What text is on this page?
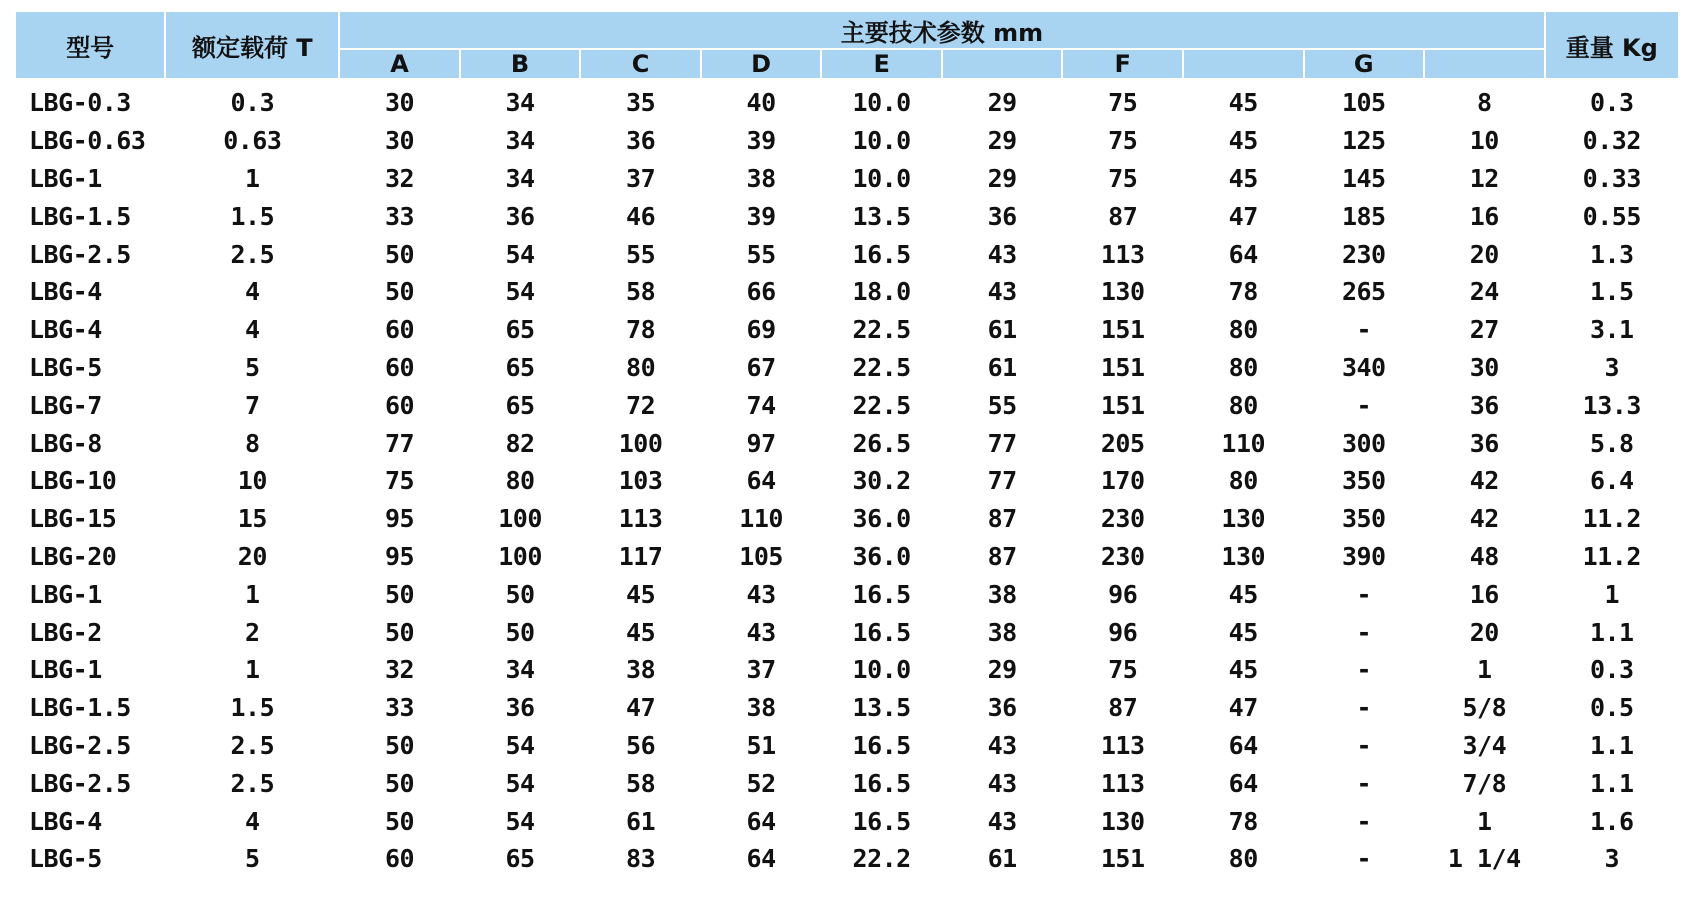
型号	额定载荷 T	主要技术参数 mm										重量 Kg
		A	B	C	D	E		F		G		

LBG-0.3	0.3	30	34	35	40	10.0	29	75	45	105	8	0.3
LBG-0.63	0.63	30	34	36	39	10.0	29	75	45	125	10	0.32
LBG-1	1	32	34	37	38	10.0	29	75	45	145	12	0.33
LBG-1.5	1.5	33	36	46	39	13.5	36	87	47	185	16	0.55
LBG-2.5	2.5	50	54	55	55	16.5	43	113	64	230	20	1.3
LBG-4	4	50	54	58	66	18.0	43	130	78	265	24	1.5
LBG-4	4	60	65	78	69	22.5	61	151	80	-	27	3.1
LBG-5	5	60	65	80	67	22.5	61	151	80	340	30	3
LBG-7	7	60	65	72	74	22.5	55	151	80	-	36	13.3
LBG-8	8	77	82	100	97	26.5	77	205	110	300	36	5.8
LBG-10	10	75	80	103	64	30.2	77	170	80	350	42	6.4
LBG-15	15	95	100	113	110	36.0	87	230	130	350	42	11.2
LBG-20	20	95	100	117	105	36.0	87	230	130	390	48	11.2
LBG-1	1	50	50	45	43	16.5	38	96	45	-	16	1
LBG-2	2	50	50	45	43	16.5	38	96	45	-	20	1.1
LBG-1	1	32	34	38	37	10.0	29	75	45	-	1	0.3
LBG-1.5	1.5	33	36	47	38	13.5	36	87	47	-	5/8	0.5
LBG-2.5	2.5	50	54	56	51	16.5	43	113	64	-	3/4	1.1
LBG-2.5	2.5	50	54	58	52	16.5	43	113	64	-	7/8	1.1
LBG-4	4	50	54	61	64	16.5	43	130	78	-	1	1.6
LBG-5	5	60	65	83	64	22.2	61	151	80	-	1 1/4	3
